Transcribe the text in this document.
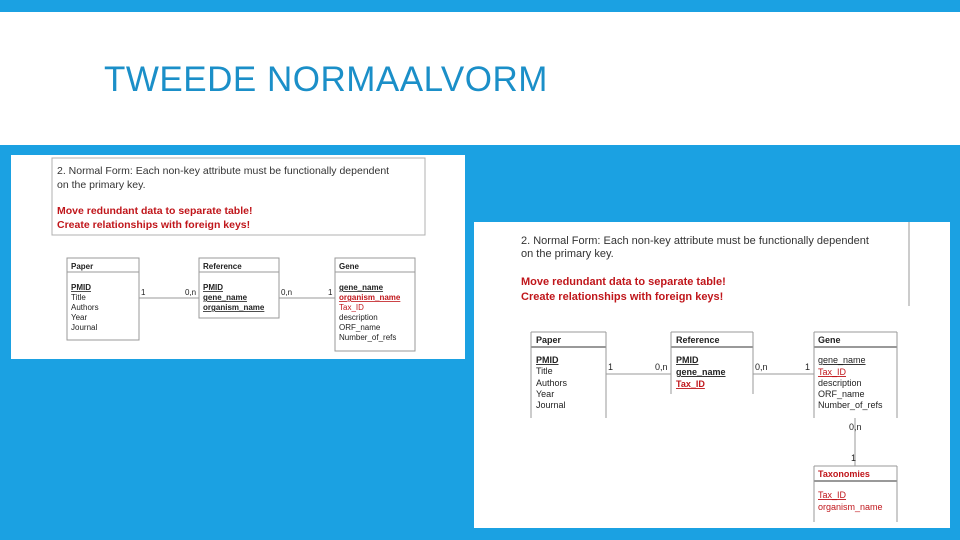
TWEEDE NORMAALVORM
2. Normal Form: Each non-key attribute must be functionally dependent
on the primary key.
Move redundant data to separate table!
Create relationships with foreign keys!
Paper
PMID
Title
Authors
Year
Journal
Reference
PMID
gene_name
organism_name
Gene
gene_name
organism_name
Tax_ID
description
ORF_name
Number_of_refs
1	0,n	0,n	1
2. Normal Form: Each non-key attribute must be functionally dependent
on the primary key.
Move redundant data to separate table!
Create relationships with foreign keys!
Paper
PMID
Title
Authors
Year
Journal
Reference
PMID
gene_name
Tax_ID
Gene
gene_name
Tax_ID
description
ORF_name
Number_of_refs
Taxonomies
Tax_ID
organism_name
1	0,n	0,n	1
0,n
1
